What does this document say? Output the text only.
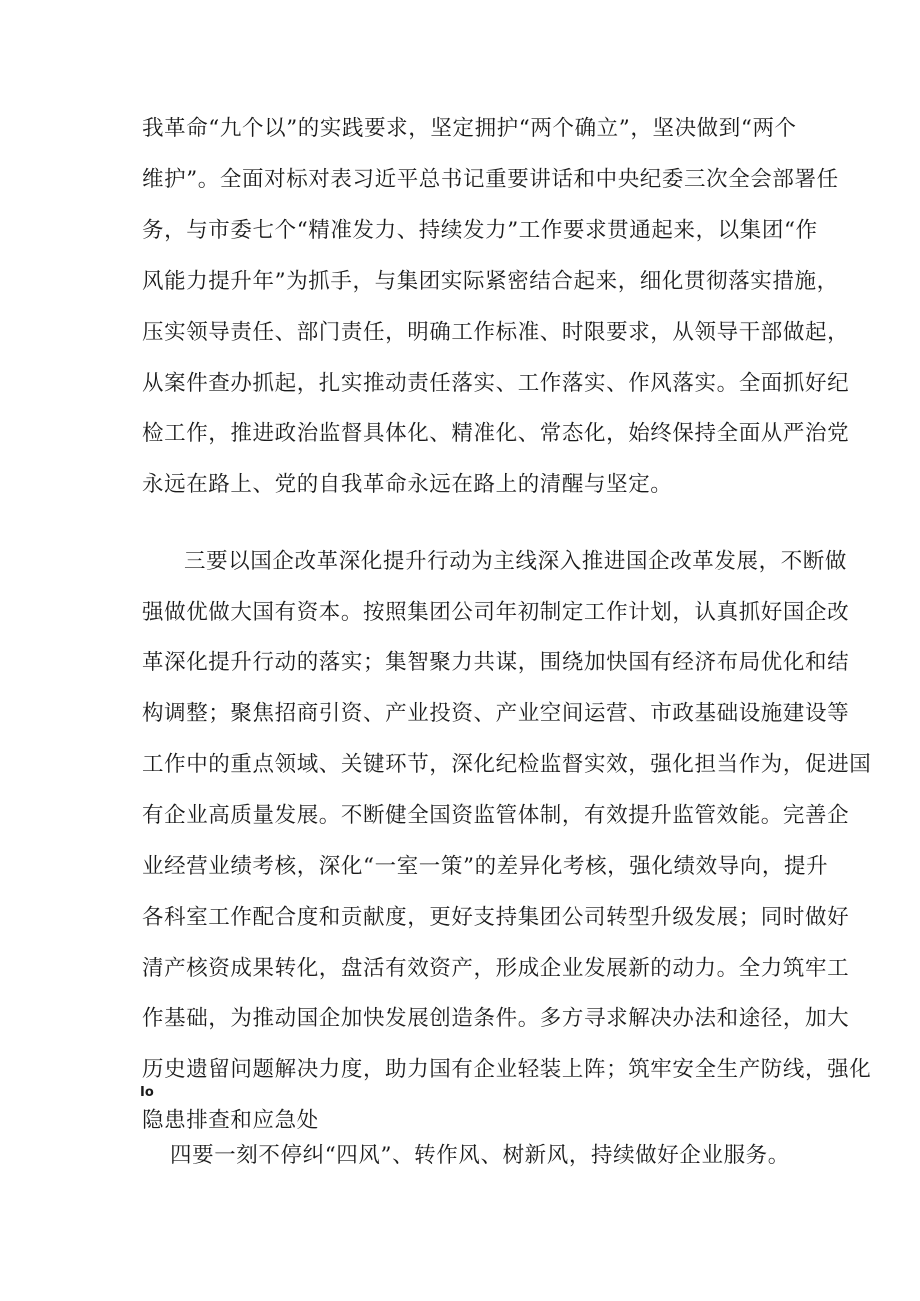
我革命“九个以”的实践要求，坚定拥护“两个确立”，坚决做到“两个
维护”。全面对标对表习近平总书记重要讲话和中央纪委三次全会部署任
务，与市委七个“精准发力、持续发力”工作要求贯通起来，以集团“作
风能力提升年”为抓手，与集团实际紧密结合起来，细化贯彻落实措施，
压实领导责任、部门责任，明确工作标准、时限要求，从领导干部做起，
从案件查办抓起，扎实推动责任落实、工作落实、作风落实。全面抓好纪
检工作，推进政治监督具体化、精准化、常态化，始终保持全面从严治党
永远在路上、党的自我革命永远在路上的清醒与坚定。
三要以国企改革深化提升行动为主线深入推进国企改革发展，不断做
强做优做大国有资本。按照集团公司年初制定工作计划，认真抓好国企改
革深化提升行动的落实；集智聚力共谋，围绕加快国有经济布局优化和结
构调整；聚焦招商引资、产业投资、产业空间运营、市政基础设施建设等
工作中的重点领域、关键环节，深化纪检监督实效，强化担当作为，促进国
有企业高质量发展。不断健全国资监管体制，有效提升监管效能。完善企
业经营业绩考核，深化“一室一策”的差异化考核，强化绩效导向，提升
各科室工作配合度和贡献度，更好支持集团公司转型升级发展；同时做好
清产核资成果转化，盘活有效资产，形成企业发展新的动力。全力筑牢工
作基础，为推动国企加快发展创造条件。多方寻求解决办法和途径，加大
历史遗留问题解决力度，助力国有企业轻装上阵；筑牢安全生产防线，强化
隐患排查和应急处
Io
四要一刻不停纠“四风”、转作风、树新风，持续做好企业服务。
